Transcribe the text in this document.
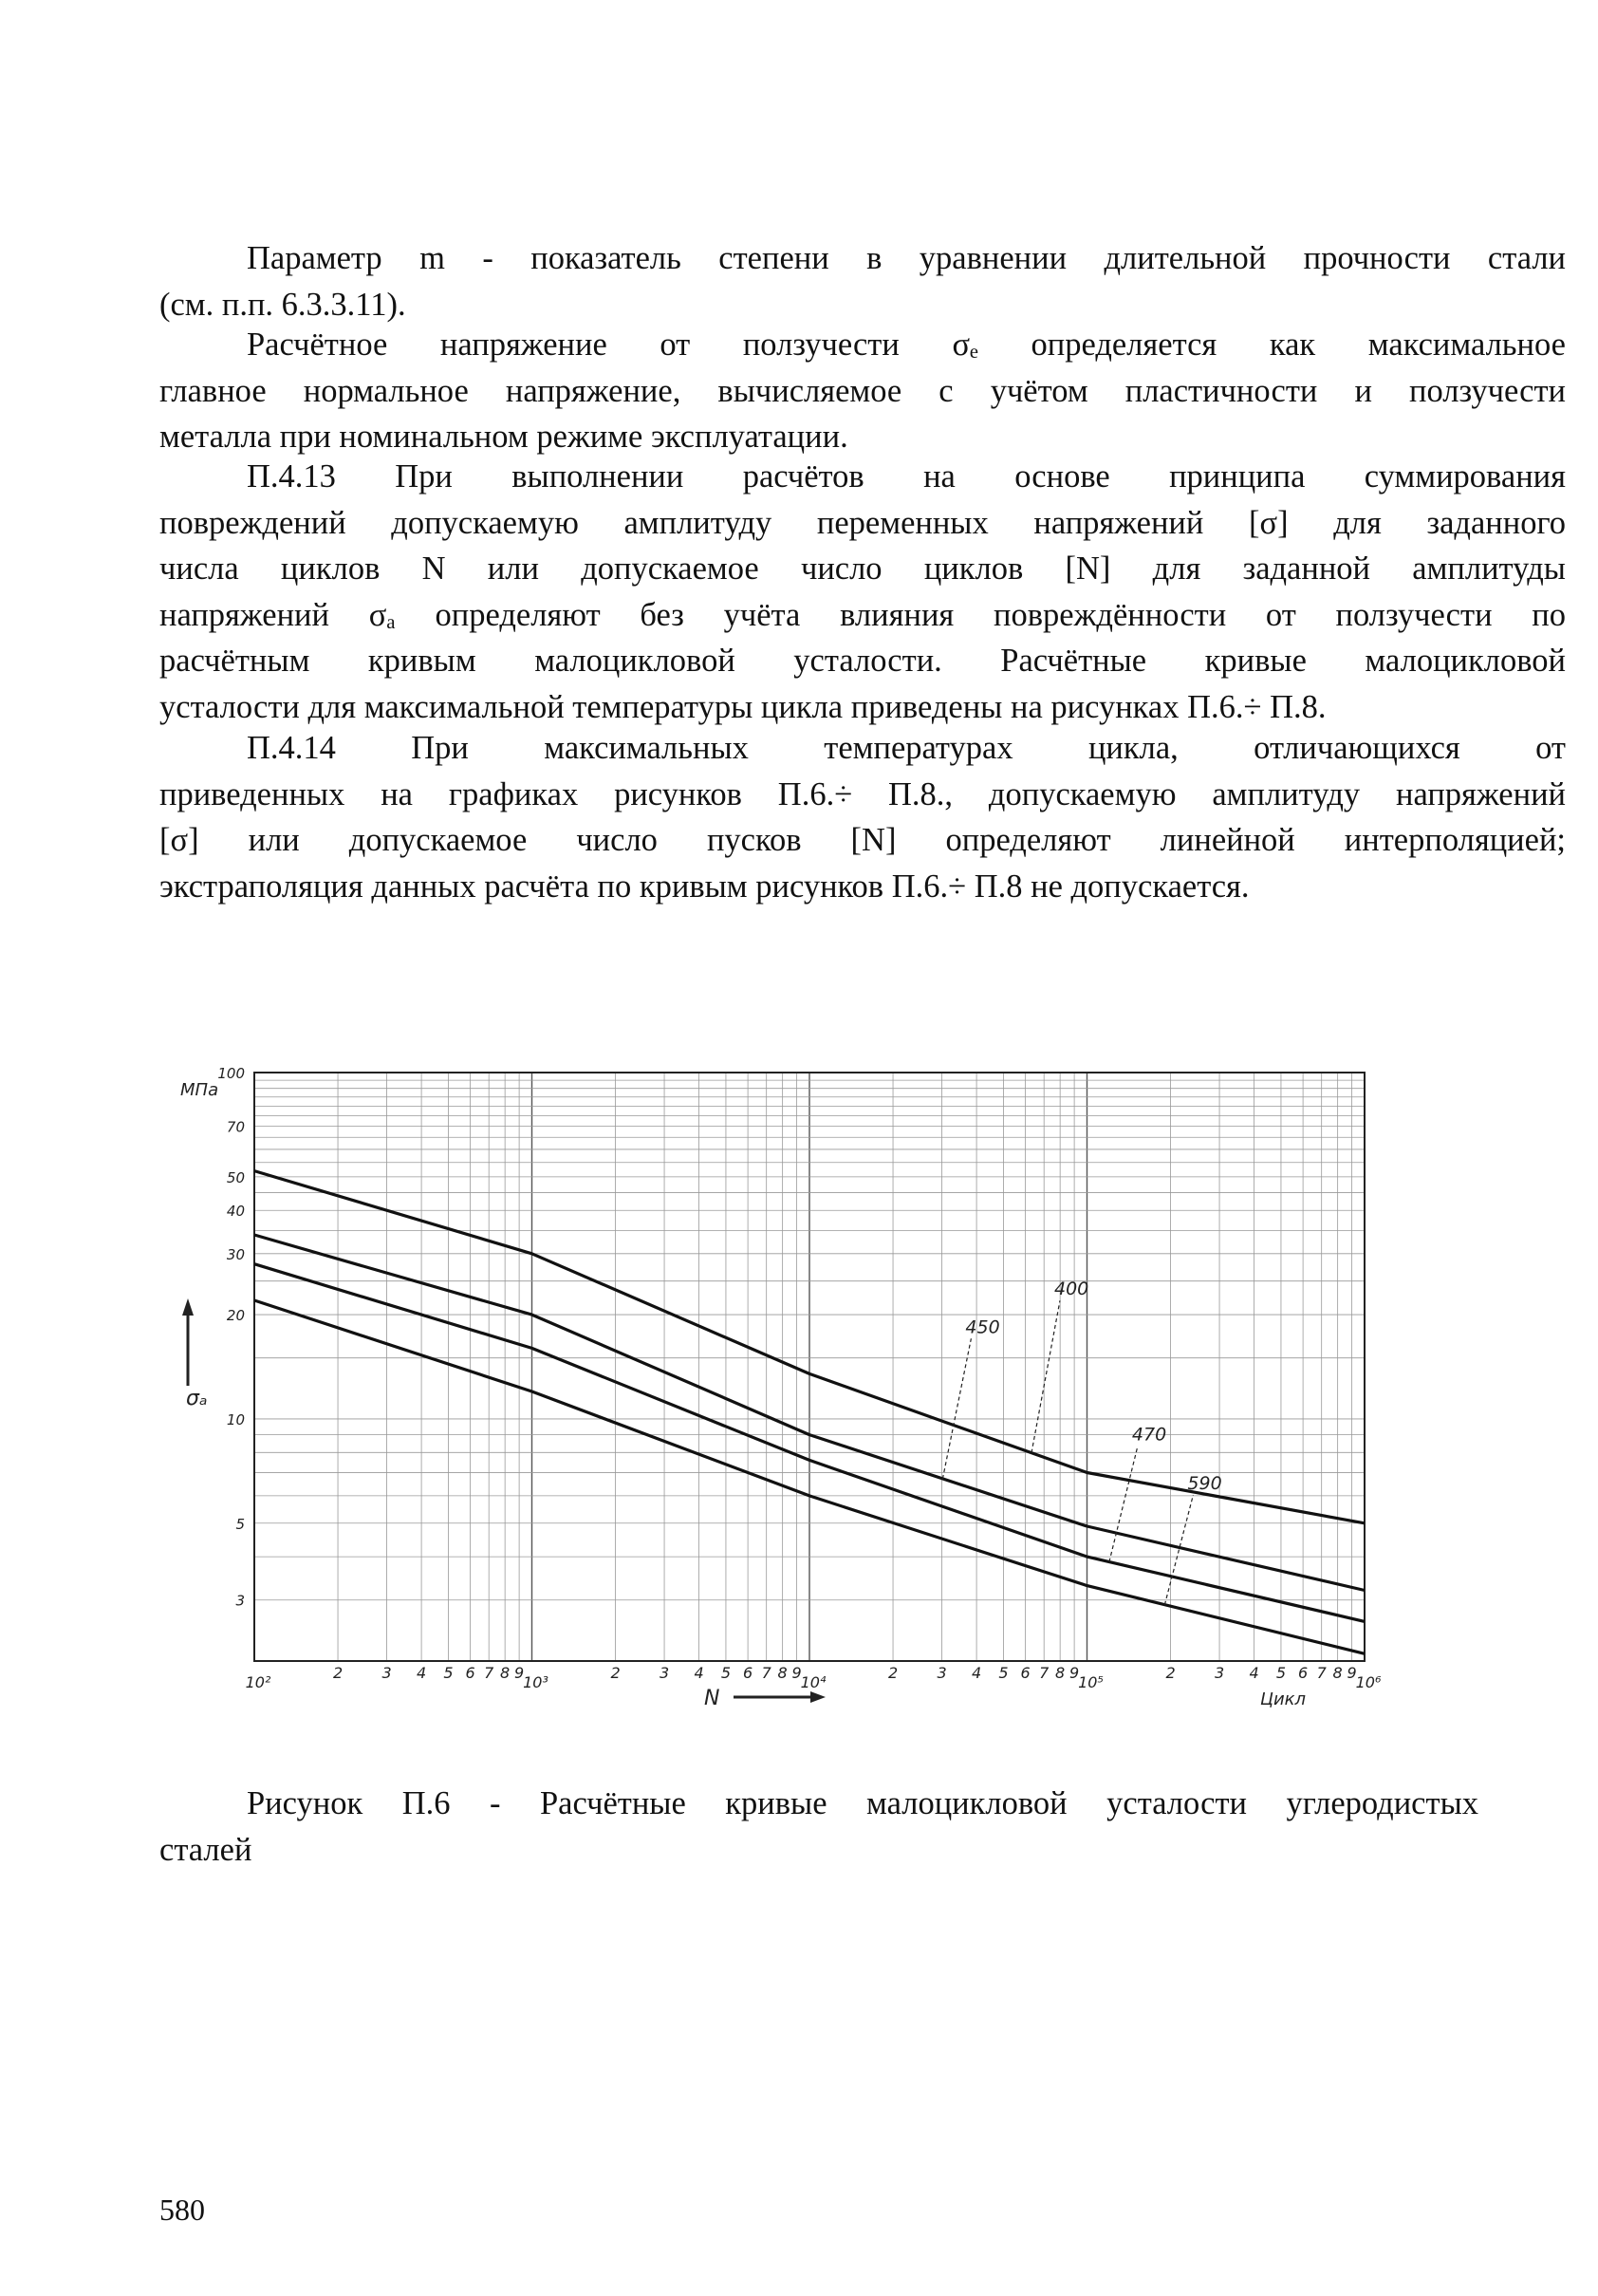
Параметр m - показатель степени в уравнении длительной прочности стали
(см. п.п. 6.3.3.11).
Расчётное напряжение от ползучести σₑ определяется как максимальное
главное нормальное напряжение, вычисляемое с учётом пластичности и ползучести
металла при номинальном режиме эксплуатации.
П.4.13 При выполнении расчётов на основе принципа суммирования
повреждений допускаемую амплитуду переменных напряжений [σ] для заданного
числа циклов N или допускаемое число циклов [N] для заданной амплитуды
напряжений σₐ определяют без учёта влияния повреждённости от ползучести по
расчётным кривым малоцикловой усталости. Расчётные кривые малоцикловой
усталости для максимальной температуры цикла приведены на рисунках П.6.÷ П.8.
П.4.14 При максимальных температурах цикла, отличающихся от
приведенных на графиках рисунков П.6.÷ П.8., допускаемую амплитуду напряжений
[σ] или допускаемое число пусков [N] определяют линейной интерполяцией;
экстраполяция данных расчёта по кривым рисунков П.6.÷ П.8 не допускается.
400
450
470
590
100
70
50
40
30
20
10
5
3
10²
2	3 4 5 6 7 8 9
10³
2	3 4 5 6 7 8 9
10⁴
2	3 4 5 6 7 8 9
10⁵
2	3 4 5 6 7 8 9
10⁶
МПа
σₐ
N	Цикл
Рисунок П.6 - Расчётные кривые малоцикловой усталости углеродистых
сталей
580
